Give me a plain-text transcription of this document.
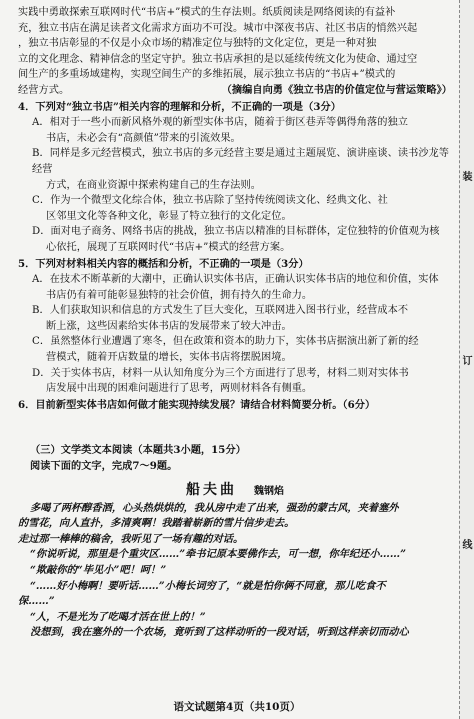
实践中勇敢探索互联网时代“书店+”模式的生存法则。纸质阅读是网络阅读的有益补

充，独立书店在满足读者文化需求方面功不可没。城市中深夜书店、社区书店的悄然兴起

，独立书店彰显的不仅是小众市场的精准定位与独特的文化定位，更是一种对独

立的文化理念、精神信念的坚定守护。独立书店承担的是以延续传统文化为使命、通过空

间生产的多重场域建构，实现空间生产的多维拓展，展示独立书店的“书店+”模式的

经营方式。	（摘编自向勇《独立书店的价值定位与营运策略》）

4．下列对“独立书店”相关内容的理解和分析，不正确的一项是（3分）

A．相对于一些小而新风格外观的新型实体书店，随着于街区巷弄等偶得角落的独立

书店，未必会有“高颜值”带来的引流效果。

B．同样是多元经营模式，独立书店的多元经营主要是通过主题展览、演讲座谈、读书沙龙等经营

方式，在商业资源中探索构建自己的生存法则。

C．作为一个微型文化综合体，独立书店除了坚持传统阅读文化、经典文化、社

区邻里文化等各种文化，彰显了特立独行的文化定位。

D．面对电子商务、网络书店的挑战，独立书店以精准的目标群体，定位独特的价值观为核

心依托，展现了互联网时代“书店+”模式的经营方案。

5．下列对材料相关内容的概括和分析，不正确的一项是（3分）

A．在技术不断革新的大潮中，正确认识实体书店，正确认识实体书店的地位和价值，实体

书店仍有着可能彰显独特的社会价值，拥有持久的生命力。

B．人们获取知识和信息的方式发生了巨大变化，互联网进入图书行业，经营成本不

断上涨，这些因素给实体书店的发展带来了较大冲击。

C．虽然整体行业遭遇了寒冬，但在政策和资本的助力下，实体书店据演出新了新的经

营模式，随着开店数量的增长，实体书店将摆脱困境。

D．关于实体书店，材料一从认知角度分为三个方面进行了思考，材料二则对实体书

店发展中出现的困难问题进行了思考，两则材料各有侧重。

6．目前新型实体书店如何做才能实现持续发展？请结合材料简要分析。（6分）

（三）文学类文本阅读（本题共3小题，15分）

阅读下面的文字，完成7～9题。

船夫曲 魏钢焰

多喝了两杯醇香酒，心头热烘烘的，我从房中走了出来，强劲的蒙古风，夹着塞外

的雪花，向人直扑，多清爽啊！我踏着崭新的雪片信步走去。

走过那一棒棒的稿舍，我听见了一场有趣的对话。

“你说听说，那里是个重灾区……”牵书记原本要佛作去，可一想，你年纪还小……”

“欺敲你的“毕见小”吧！呵！”

“……好小梅啊！要听话……”小梅长词穷了，“就是怕你俩不同意，那儿吃食不

保……”

“人，不是光为了吃喝才活在世上的！”

没想到，我在塞外的一个农场，竟听到了这样动听的一段对话，听到这样亲切而动心

装
订
线
语文试题第4页（共10页）
